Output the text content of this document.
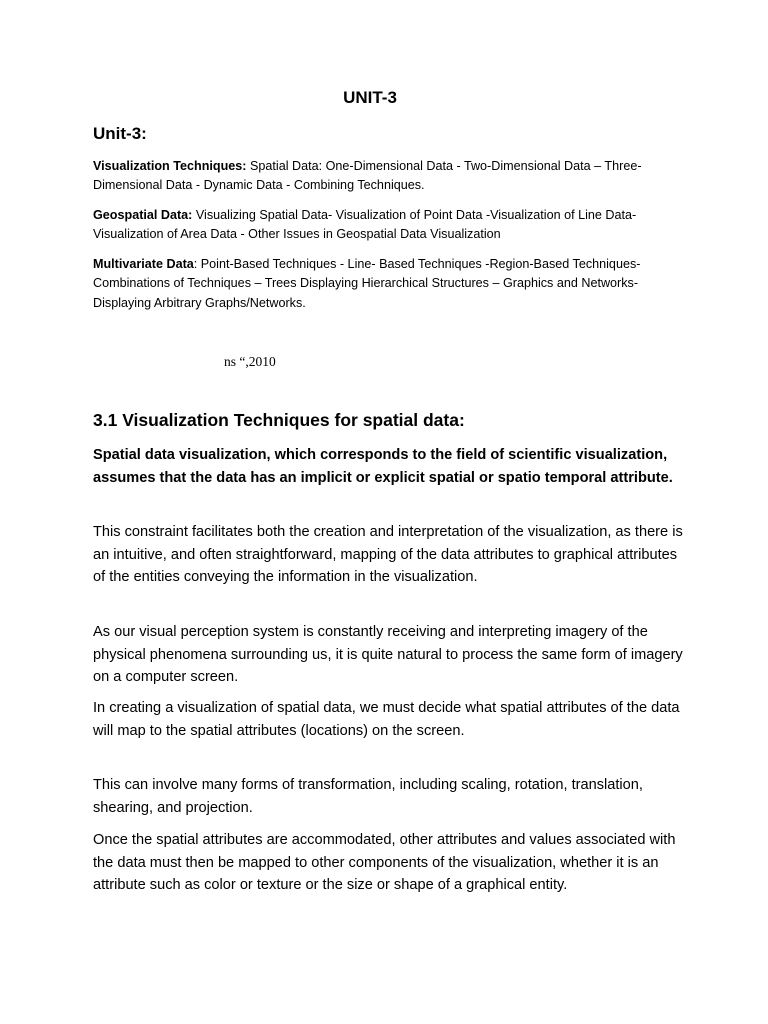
UNIT-3
Unit-3:

Visualization Techniques: Spatial Data: One-Dimensional Data - Two-Dimensional Data – Three-Dimensional Data - Dynamic Data - Combining Techniques.

Geospatial Data: Visualizing Spatial Data- Visualization of Point Data -Visualization of Line Data-Visualization of Area Data - Other Issues in Geospatial Data Visualization

Multivariate Data: Point-Based Techniques - Line- Based Techniques -Region-Based Techniques-Combinations of Techniques – Trees Displaying Hierarchical Structures – Graphics and Networks-Displaying Arbitrary Graphs/Networks.

ns “,2010
3.1 Visualization Techniques for spatial data:

Spatial data visualization, which corresponds to the field of scientific visualization, assumes that the data has an implicit or explicit spatial or spatio temporal attribute.

This constraint facilitates both the creation and interpretation of the visualization, as there is an intuitive, and often straightforward, mapping of the data attributes to graphical attributes of the entities conveying the information in the visualization.

As our visual perception system is constantly receiving and interpreting imagery of the physical phenomena surrounding us, it is quite natural to process the same form of imagery on a computer screen.

In creating a visualization of spatial data, we must decide what spatial attributes of the data will map to the spatial attributes (locations) on the screen.

This can involve many forms of transformation, including scaling, rotation, translation, shearing, and projection.

Once the spatial attributes are accommodated, other attributes and values associated with the data must then be mapped to other components of the visualization, whether it is an attribute such as color or texture or the size or shape of a graphical entity.
